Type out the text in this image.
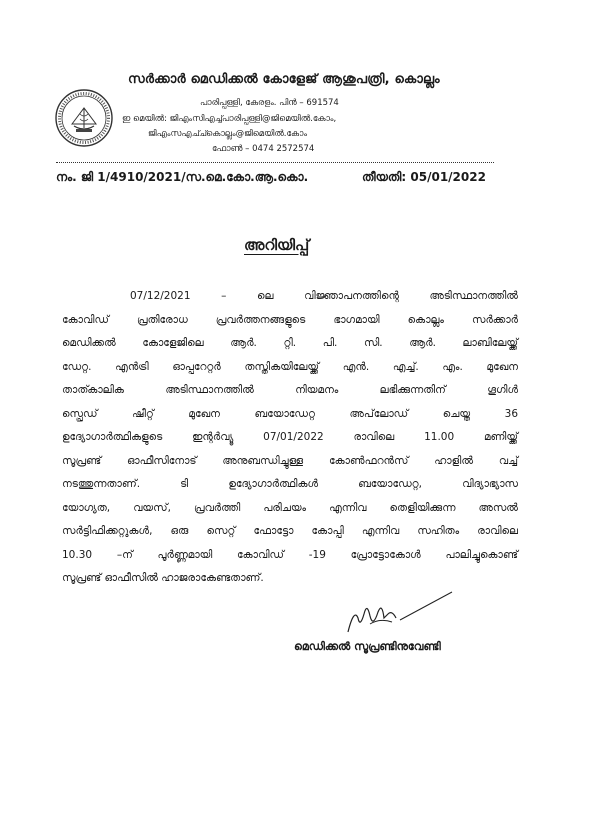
സർക്കാർ മെഡിക്കൽ കോളേജ് ആശുപത്രി, കൊല്ലം
പാരിപ്പള്ളി, കേരളം. പിൻ – 691574
ഇ മെയിൽ: ജിഎംസിഎച്ച്പാരിപ്പള്ളി@ജിമെയിൽ.കോം,
ജിഎംസഎച്ച്കൊല്ലം@ജിമെയിൽ.കോം
ഫോൺ – 0474 2572574
നം. ജി 1/4910/2021/സ.മെ.കോ.ആ.കൊ.	തീയതി: 05/01/2022
അറിയിപ്പ്
07/12/2021 – ലെ വിജ്ഞാപനത്തിന്റെ അടിസ്ഥാനത്തിൽ
കോവിഡ് പ്രതിരോധ പ്രവർത്തനങ്ങളുടെ ഭാഗമായി കൊല്ലം സർക്കാർ
മെഡിക്കൽ കോളേജിലെ ആർ. റ്റി. പി. സി. ആർ. ലാബിലേയ്ക്ക്
ഡേറ്റ. എൻട്രി ഓപ്പറേറ്റർ തസ്തികയിലേയ്ക്ക് എൻ. എച്ച്. എം. മുഖേന
താത്കാലിക അടിസ്ഥാനത്തിൽ നിയമനം ലഭിക്കുന്നതിന് ഗൂഗിൾ
സ്പ്രെഡ് ഷീറ്റ് മുഖേന ബയോഡേറ്റ അപ്‌ലോഡ് ചെയ്ത 36
ഉദ്യോഗാർത്ഥികളുടെ ഇന്റർവ്യൂ 07/01/2022 രാവിലെ 11.00 മണിയ്ക്ക്
സൂപ്രണ്ട് ഓഫീസിനോട് അനുബന്ധിച്ചുള്ള കോൺഫറൻസ് ഹാളിൽ വച്ച്
നടത്തുന്നതാണ്. ടി ഉദ്യോഗാർത്ഥികൾ ബയോഡേറ്റ, വിദ്യാഭ്യാസ
യോഗ്യത, വയസ്, പ്രവർത്തി പരിചയം എന്നിവ തെളിയിക്കുന്ന അസൽ
സർട്ടിഫിക്കറ്റുകൾ, ഒരു സെറ്റ് ഫോട്ടോ കോപ്പി എന്നിവ സഹിതം രാവിലെ
10.30 –ന് പൂർണ്ണമായി കോവിഡ് -19 പ്രോട്ടോകോൾ പാലിച്ചുകൊണ്ട്
സൂപ്രണ്ട് ഓഫീസിൽ ഹാജരാകേണ്ടതാണ്.
മെഡിക്കൽ സൂപ്രണ്ടിനുവേണ്ടി
